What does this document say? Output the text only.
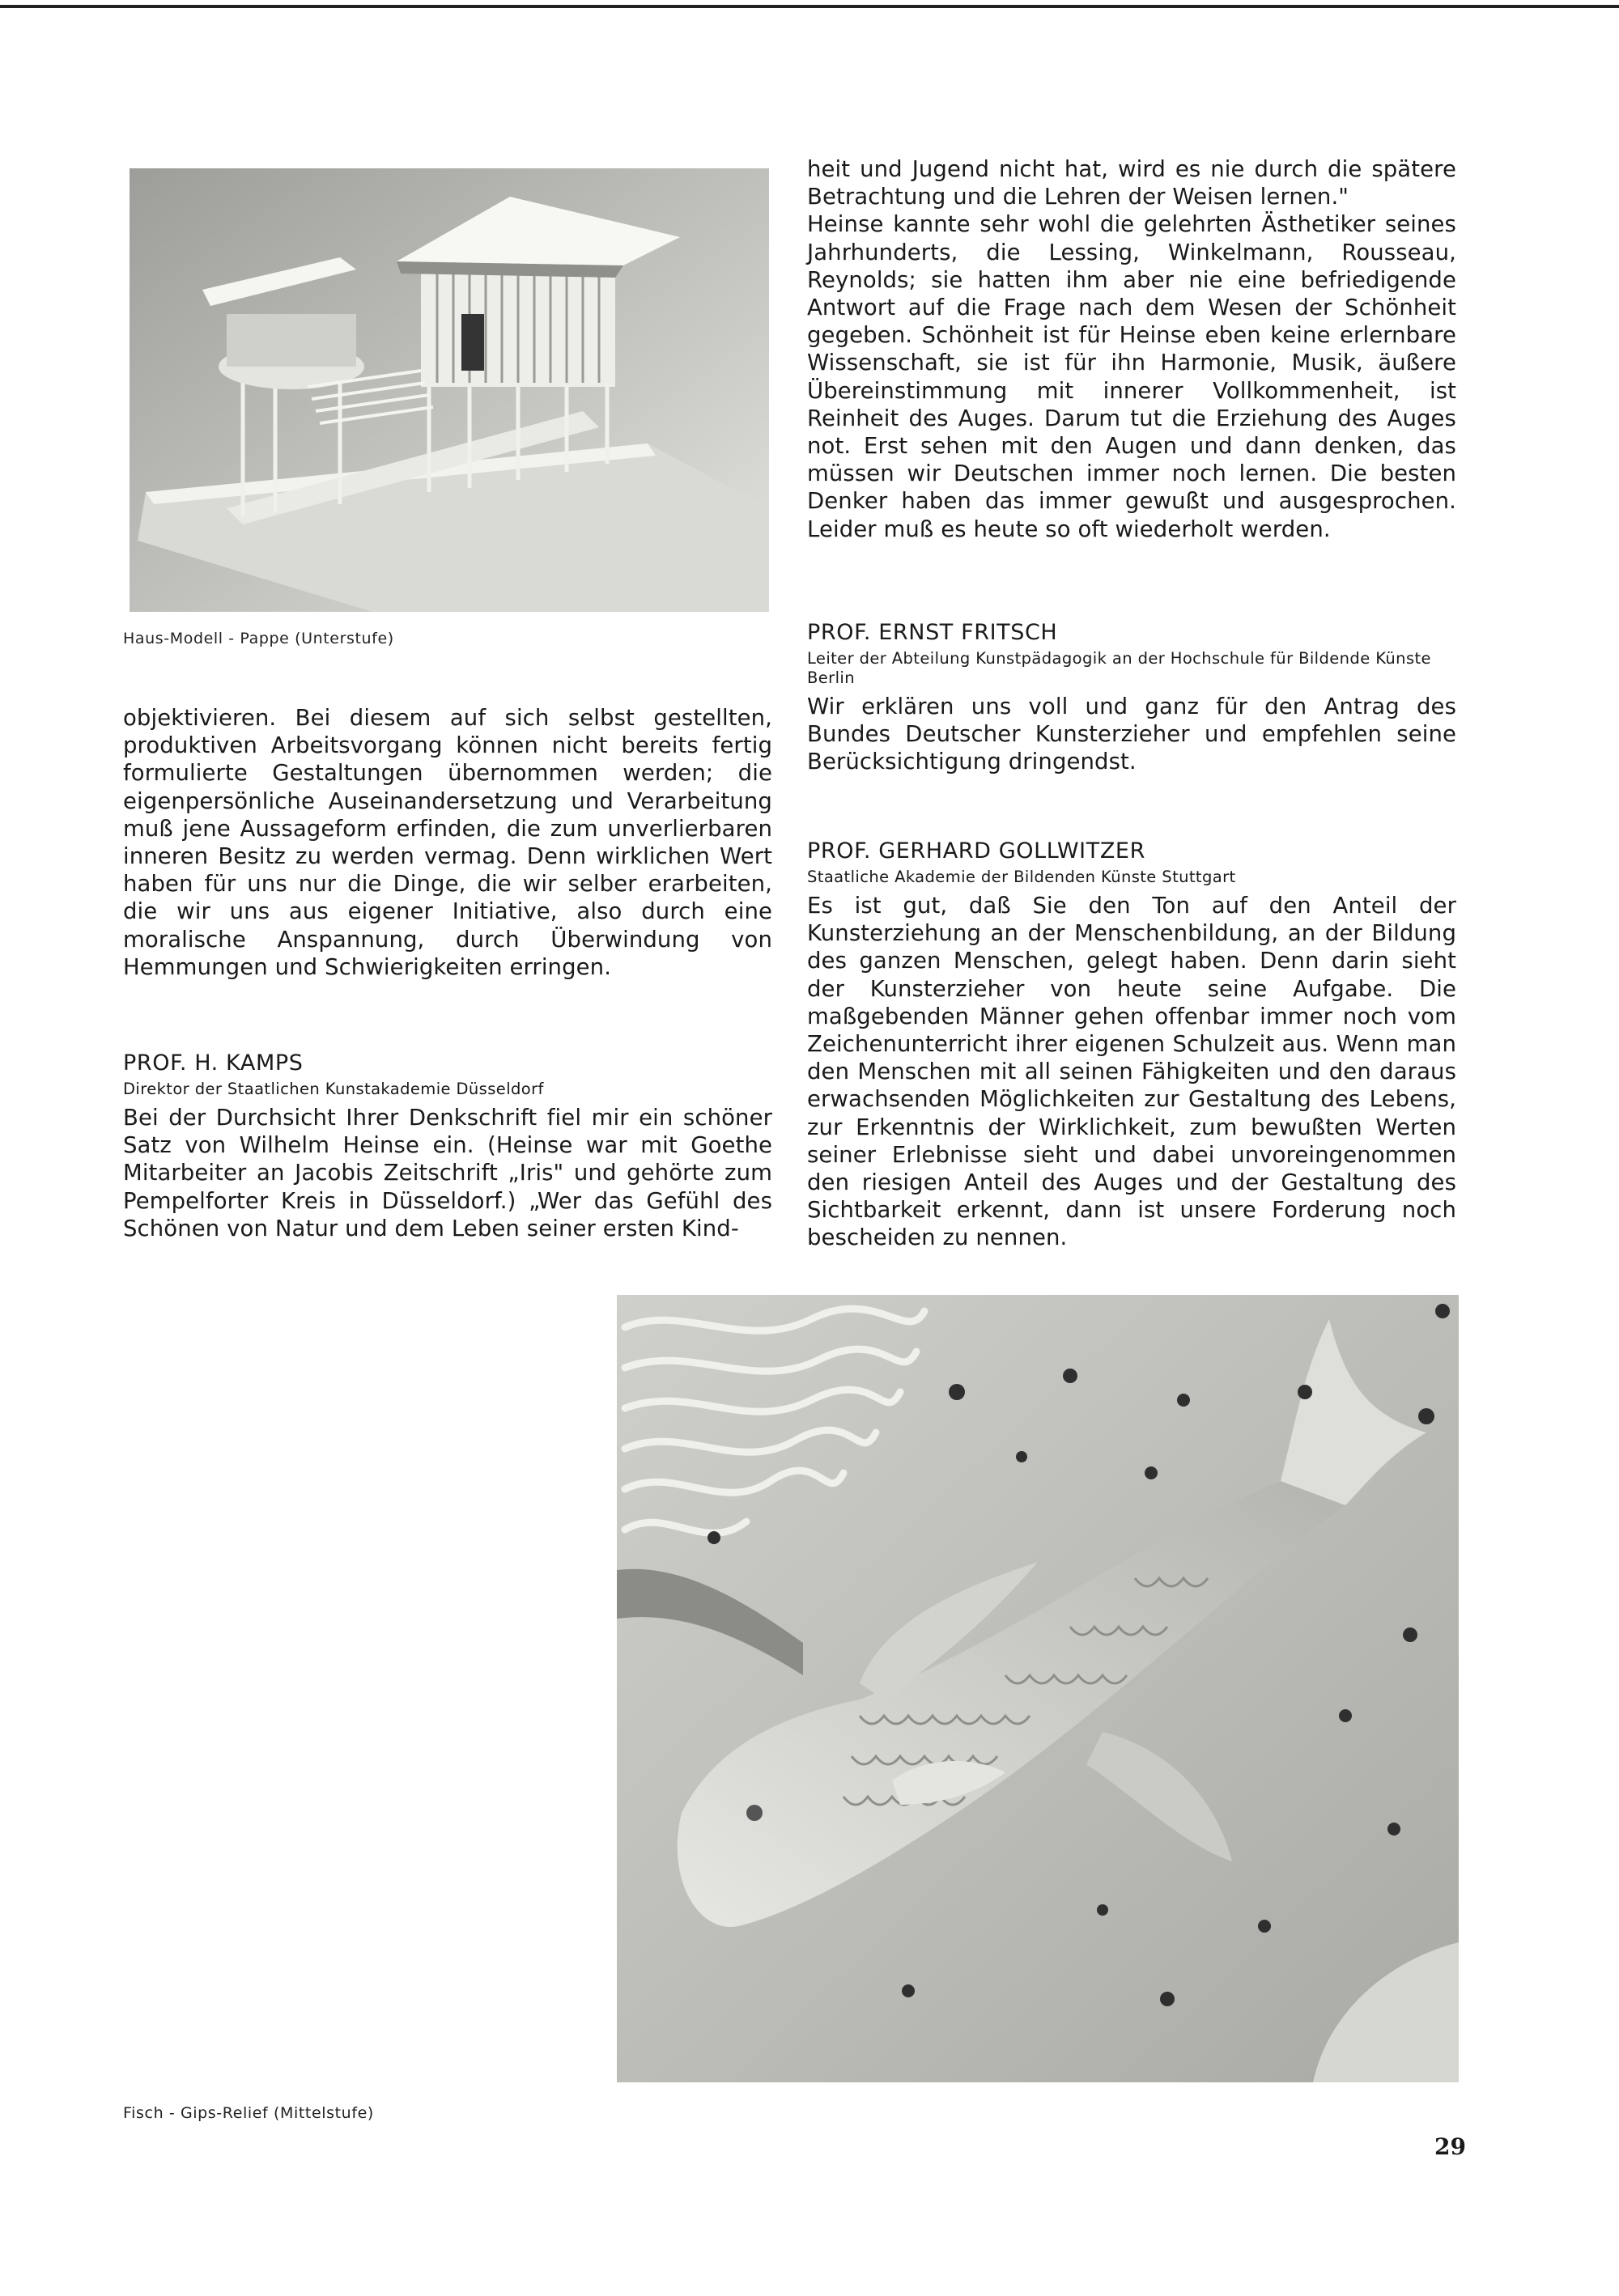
Haus-Modell - Pappe (Unterstufe)

objektivieren. Bei diesem auf sich selbst gestellten, produktiven Arbeitsvorgang können nicht bereits fertig formulierte Gestaltungen übernommen werden; die eigenpersönliche Auseinandersetzung und Verarbeitung muß jene Aussageform erfinden, die zum unverlierbaren inneren Besitz zu werden vermag. Denn wirklichen Wert haben für uns nur die Dinge, die wir selber erarbeiten, die wir uns aus eigener Initiative, also durch eine moralische Anspannung, durch Überwindung von Hemmungen und Schwierigkeiten erringen.

PROF. H. KAMPS
Direktor der Staatlichen Kunstakademie Düsseldorf

Bei der Durchsicht Ihrer Denkschrift fiel mir ein schöner Satz von Wilhelm Heinse ein. (Heinse war mit Goethe Mitarbeiter an Jacobis Zeitschrift „Iris" und gehörte zum Pempelforter Kreis in Düsseldorf.) „Wer das Gefühl des Schönen von Natur und dem Leben seiner ersten Kind-

heit und Jugend nicht hat, wird es nie durch die spätere Betrachtung und die Lehren der Weisen lernen."

Heinse kannte sehr wohl die gelehrten Ästhetiker seines Jahrhunderts, die Lessing, Winkelmann, Rousseau, Reynolds; sie hatten ihm aber nie eine befriedigende Antwort auf die Frage nach dem Wesen der Schönheit gegeben. Schönheit ist für Heinse eben keine erlernbare Wissenschaft, sie ist für ihn Harmonie, Musik, äußere Übereinstimmung mit innerer Vollkommenheit, ist Reinheit des Auges. Darum tut die Erziehung des Auges not. Erst sehen mit den Augen und dann denken, das müssen wir Deutschen immer noch lernen. Die besten Denker haben das immer gewußt und ausgesprochen. Leider muß es heute so oft wiederholt werden.

PROF. ERNST FRITSCH
Leiter der Abteilung Kunstpädagogik an der Hochschule für Bildende Künste Berlin

Wir erklären uns voll und ganz für den Antrag des Bundes Deutscher Kunsterzieher und empfehlen seine Berücksichtigung dringendst.

PROF. GERHARD GOLLWITZER
Staatliche Akademie der Bildenden Künste Stuttgart

Es ist gut, daß Sie den Ton auf den Anteil der Kunsterziehung an der Menschenbildung, an der Bildung des ganzen Menschen, gelegt haben. Denn darin sieht der Kunsterzieher von heute seine Aufgabe. Die maßgebenden Männer gehen offenbar immer noch vom Zeichenunterricht ihrer eigenen Schulzeit aus. Wenn man den Menschen mit all seinen Fähigkeiten und den daraus erwachsenden Möglichkeiten zur Gestaltung des Lebens, zur Erkenntnis der Wirklichkeit, zum bewußten Werten seiner Erlebnisse sieht und dabei unvoreingenommen den riesigen Anteil des Auges und der Gestaltung des Sichtbarkeit erkennt, dann ist unsere Forderung noch bescheiden zu nennen.

Fisch - Gips-Relief (Mittelstufe)
29
